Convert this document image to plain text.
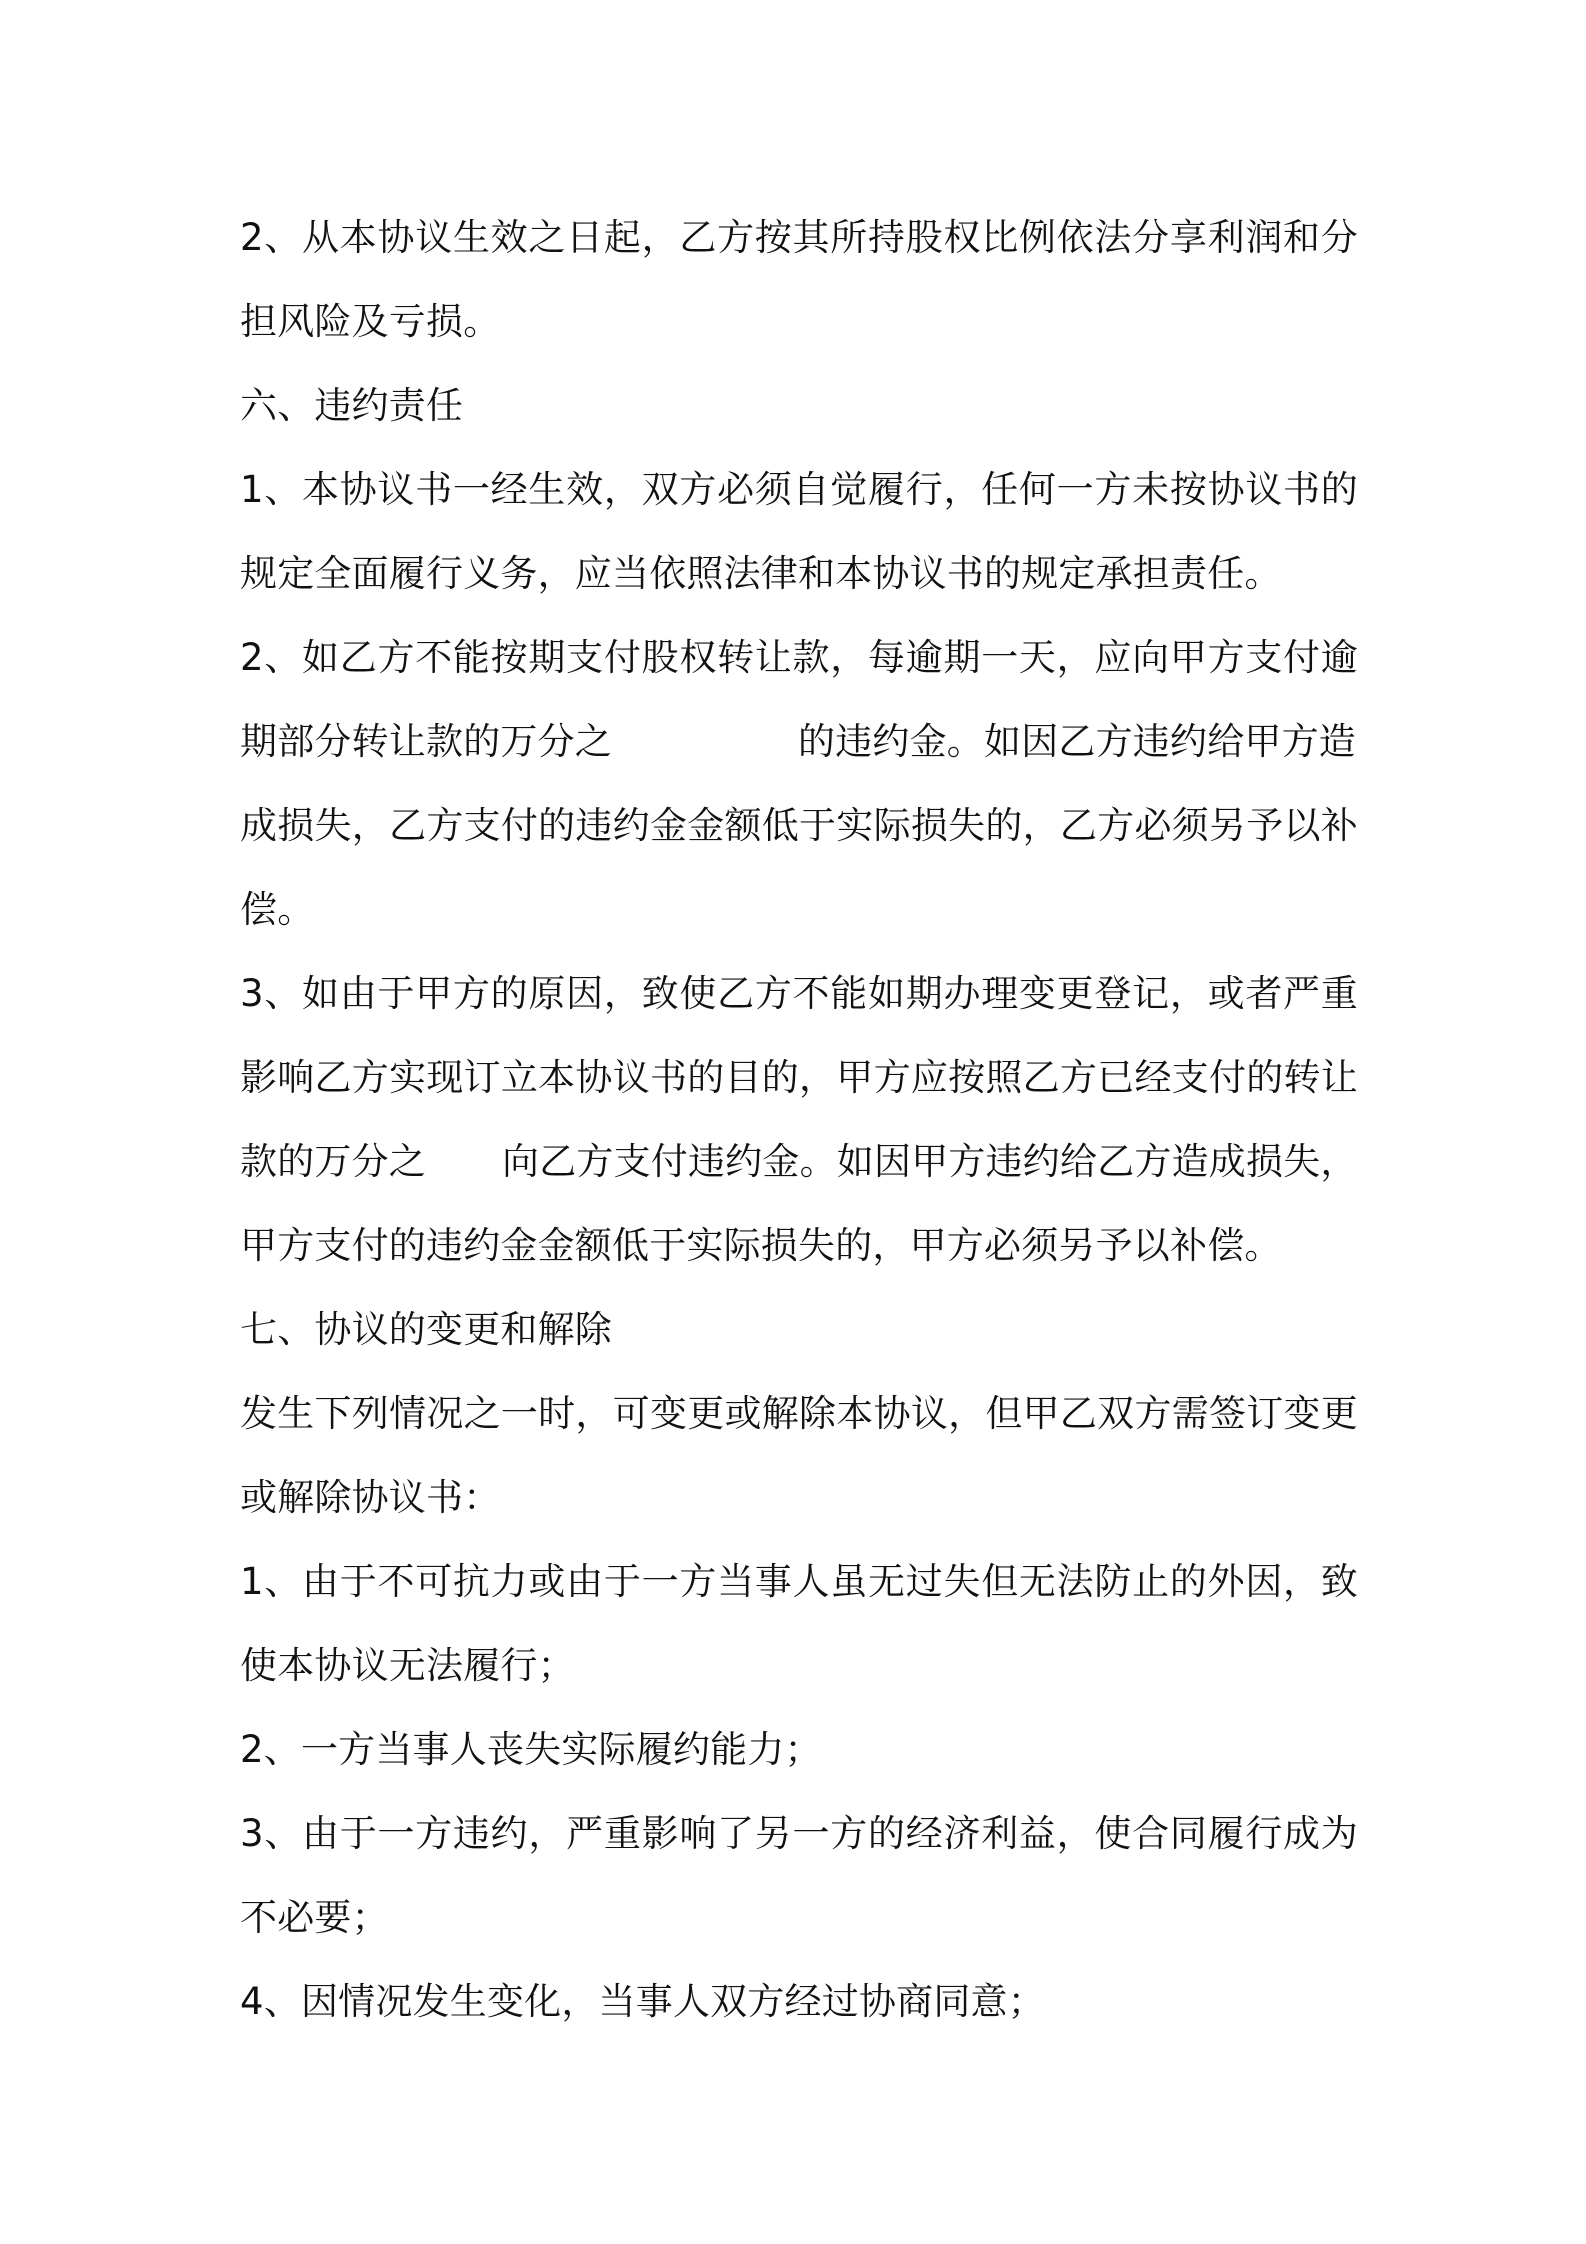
2、从本协议生效之日起，乙方按其所持股权比例依法分享利润和分
担风险及亏损。
六、违约责任
1、本协议书一经生效，双方必须自觉履行，任何一方未按协议书的
规定全面履行义务，应当依照法律和本协议书的规定承担责任。
2、如乙方不能按期支付股权转让款，每逾期一天，应向甲方支付逾
期部分转让款的万分之	的违约金。如因乙方违约给甲方造
成损失，乙方支付的违约金金额低于实际损失的，乙方必须另予以补
偿。
3、如由于甲方的原因，致使乙方不能如期办理变更登记，或者严重
影响乙方实现订立本协议书的目的，甲方应按照乙方已经支付的转让
款的万分之 向乙方支付违约金。如因甲方违约给乙方造成损失，
甲方支付的违约金金额低于实际损失的，甲方必须另予以补偿。
七、协议的变更和解除
发生下列情况之一时，可变更或解除本协议，但甲乙双方需签订变更
或解除协议书：
1、由于不可抗力或由于一方当事人虽无过失但无法防止的外因，致
使本协议无法履行；
2、一方当事人丧失实际履约能力；
3、由于一方违约，严重影响了另一方的经济利益，使合同履行成为
不必要；
4、因情况发生变化，当事人双方经过协商同意；
